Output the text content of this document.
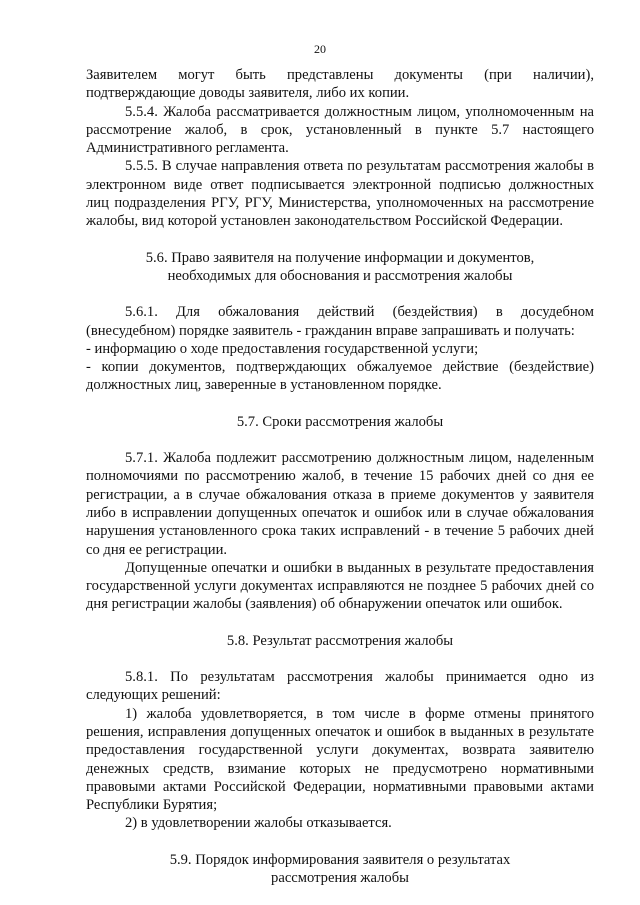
20

Заявителем могут быть представлены документы (при наличии), подтверждающие доводы заявителя, либо их копии.

5.5.4. Жалоба рассматривается должностным лицом, уполномоченным на рассмотрение жалоб, в срок, установленный в пункте 5.7 настоящего Административного регламента.

5.5.5. В случае направления ответа по результатам рассмотрения жалобы в электронном виде ответ подписывается электронной подписью должностных лиц подразделения РГУ, РГУ, Министерства, уполномоченных на рассмотрение жалобы, вид которой установлен законодательством Российской Федерации.

5.6. Право заявителя на получение информации и документов,
необходимых для обоснования и рассмотрения жалобы

5.6.1. Для обжалования действий (бездействия) в досудебном (внесудебном) порядке заявитель - гражданин вправе запрашивать и получать:

- информацию о ходе предоставления государственной услуги;

- копии документов, подтверждающих обжалуемое действие (бездействие) должностных лиц, заверенные в установленном порядке.

5.7. Сроки рассмотрения жалобы

5.7.1. Жалоба подлежит рассмотрению должностным лицом, наделенным полномочиями по рассмотрению жалоб, в течение 15 рабочих дней со дня ее регистрации, а в случае обжалования отказа в приеме документов у заявителя либо в исправлении допущенных опечаток и ошибок или в случае обжалования нарушения установленного срока таких исправлений - в течение 5 рабочих дней со дня ее регистрации.

Допущенные опечатки и ошибки в выданных в результате предоставления государственной услуги документах исправляются не позднее 5 рабочих дней со дня регистрации жалобы (заявления) об обнаружении опечаток или ошибок.

5.8. Результат рассмотрения жалобы

5.8.1. По результатам рассмотрения жалобы принимается одно из следующих решений:

1) жалоба удовлетворяется, в том числе в форме отмены принятого решения, исправления допущенных опечаток и ошибок в выданных в результате предоставления государственной услуги документах, возврата заявителю денежных средств, взимание которых не предусмотрено нормативными правовыми актами Российской Федерации, нормативными правовыми актами Республики Бурятия;

2) в удовлетворении жалобы отказывается.

5.9. Порядок информирования заявителя о результатах
рассмотрения жалобы
